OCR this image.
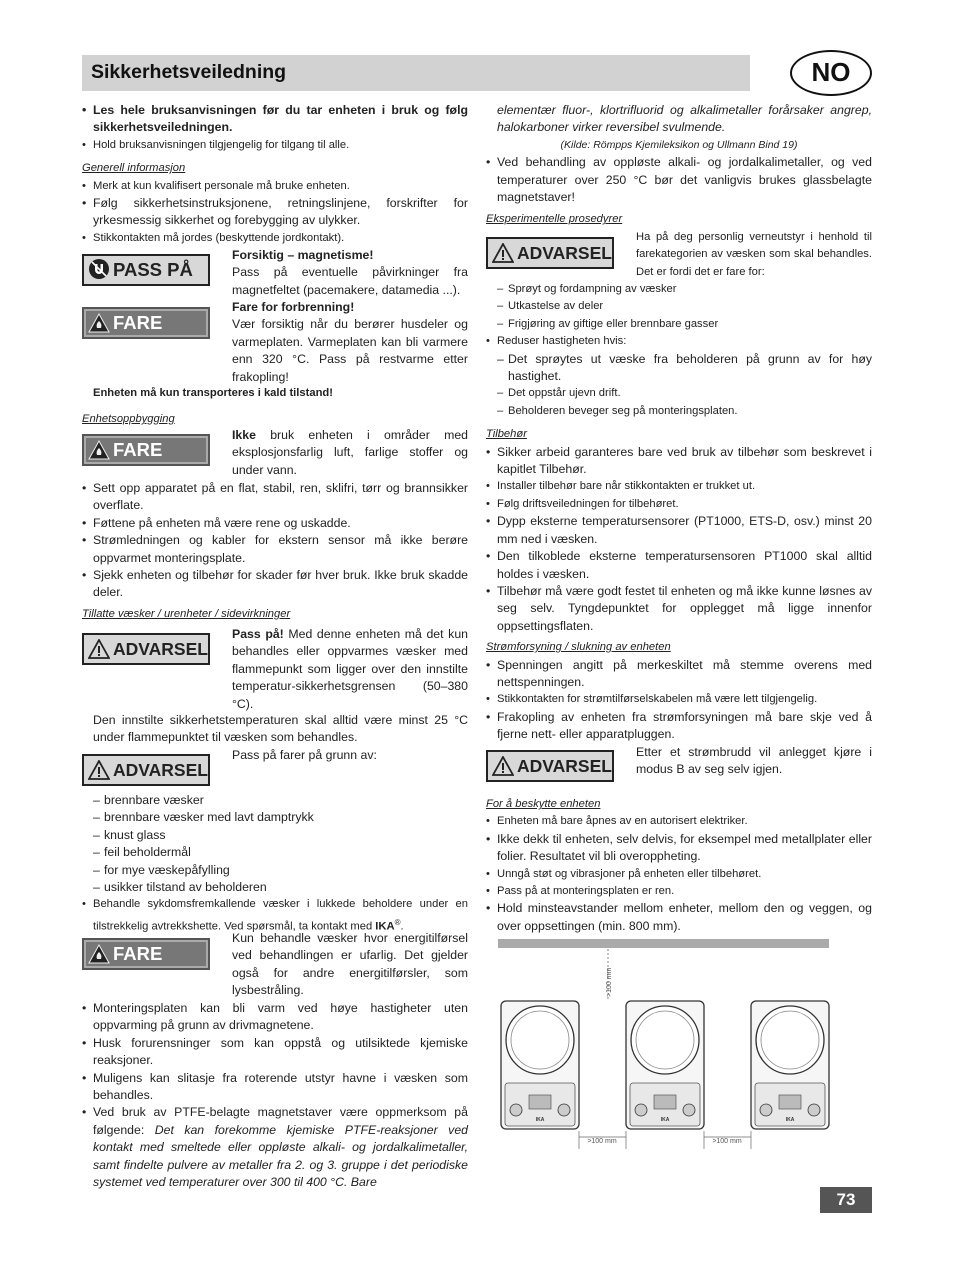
Sikkerhetsveiledning	NO
• Les hele bruksanvisningen før du tar enheten i bruk og følg sikkerhetsveiledningen.
• Hold bruksanvisningen tilgjengelig for tilgang til alle.
Generell informasjon
• Merk at kun kvalifisert personale må bruke enheten.
• Følg sikkerhetsinstruksjonene, retningslinjene, forskrifter for yrkesmessig sikkerhet og forebygging av ulykker.
• Stikkontakten må jordes (beskyttende jordkontakt).
PASS PÅ
Forsiktig – magnetisme!
Pass på eventuelle påvirkninger fra magnetfeltet (pacemakere, datamedia ...).
FARE
Fare for forbrenning!
Vær forsiktig når du berører husdeler og varmeplaten. Varmeplaten kan bli varmere enn 320 °C. Pass på restvarme etter frakopling!
Enheten må kun transporteres i kald tilstand!
Enhetsoppbygging
FARE
Ikke bruk enheten i områder med eksplosjonsfarlig luft, farlige stoffer og under vann.
• Sett opp apparatet på en flat, stabil, ren, sklifri, tørr og brannsikker overflate.
• Føttene på enheten må være rene og uskadde.
• Strømledningen og kabler for ekstern sensor må ikke berøre oppvarmet monteringsplate.
• Sjekk enheten og tilbehør for skader før hver bruk. Ikke bruk skadde deler.
Tillatte væsker / urenheter / sidevirkninger
ADVARSEL
Pass på! Med denne enheten må det kun behandles eller oppvarmes væsker med flammepunkt som ligger over den innstilte temperatur-sikkerhetsgrensen (50–380 °C).
Den innstilte sikkerhetstemperaturen skal alltid være minst 25 °C under flammepunktet til væsken som behandles.
ADVARSEL
Pass på farer på grunn av:
– brennbare væsker
– brennbare væsker med lavt damptrykk
– knust glass
– feil beholdermål
– for mye væskepåfylling
– usikker tilstand av beholderen
• Behandle sykdomsfremkallende væsker i lukkede beholdere under en tilstrekkelig avtrekkshette. Ved spørsmål, ta kontakt med IKA®.
FARE
Kun behandle væsker hvor energitilførsel ved behandlingen er ufarlig. Det gjelder også for andre energitilførsler, som lysbestråling.
• Monteringsplaten kan bli varm ved høye hastigheter uten oppvarming på grunn av drivmagnetene.
• Husk forurensninger som kan oppstå og utilsiktede kjemiske reaksjoner.
• Muligens kan slitasje fra roterende utstyr havne i væsken som behandles.
• Ved bruk av PTFE-belagte magnetstaver være oppmerksom på følgende: Det kan forekomme kjemiske PTFE-reaksjoner ved kontakt med smeltede eller oppløste alkali- og jordalkalimetaller, samt findelte pulvere av metaller fra 2. og 3. gruppe i det periodiske systemet ved temperaturer over 300 til 400 °C. Bare
elementær fluor-, klortrifluorid og alkalimetaller forårsaker angrep, halokarboner virker reversibel svulmende.
(Kilde: Römpps Kjemileksikon og Ullmann Bind 19)
• Ved behandling av oppløste alkali- og jordalkalimetaller, og ved temperaturer over 250 °C bør det vanligvis brukes glassbelagte magnetstaver!
Eksperimentelle prosedyrer
ADVARSEL
Ha på deg personlig verneutstyr i henhold til farekategorien av væsken som skal behandles. Det er fordi det er fare for:
– Sprøyt og fordampning av væsker
– Utkastelse av deler
– Frigjøring av giftige eller brennbare gasser
• Reduser hastigheten hvis:
– Det sprøytes ut væske fra beholderen på grunn av for høy hastighet.
– Det oppstår ujevn drift.
– Beholderen beveger seg på monteringsplaten.
Tilbehør
• Sikker arbeid garanteres bare ved bruk av tilbehør som beskrevet i kapitlet Tilbehør.
• Installer tilbehør bare når stikkontakten er trukket ut.
• Følg driftsveiledningen for tilbehøret.
• Dypp eksterne temperatursensorer (PT1000, ETS-D, osv.) minst 20 mm ned i væsken.
• Den tilkoblede eksterne temperatursensoren PT1000 skal alltid holdes i væsken.
• Tilbehør må være godt festet til enheten og må ikke kunne løsnes av seg selv. Tyngdepunktet for opplegget må ligge innenfor oppsettingsflaten.
Strømforsyning / slukning av enheten
• Spenningen angitt på merkeskiltet må stemme overens med nettspenningen.
• Stikkontakten for strømtilførselskabelen må være lett tilgjengelig.
• Frakopling av enheten fra strømforsyningen må bare skje ved å fjerne nett- eller apparatpluggen.
ADVARSEL
Etter et strømbrudd vil anlegget kjøre i modus B av seg selv igjen.
For å beskytte enheten
• Enheten må bare åpnes av en autorisert elektriker.
• Ikke dekk til enheten, selv delvis, for eksempel med metallplater eller folier. Resultatet vil bli overoppheting.
• Unngå støt og vibrasjoner på enheten eller tilbehøret.
• Pass på at monteringsplaten er ren.
• Hold minsteavstander mellom enheter, mellom den og veggen, og over oppsettingen (min. 800 mm).
>100 mm
IKA	IKA	IKA
>100 mm	>100 mm
73
